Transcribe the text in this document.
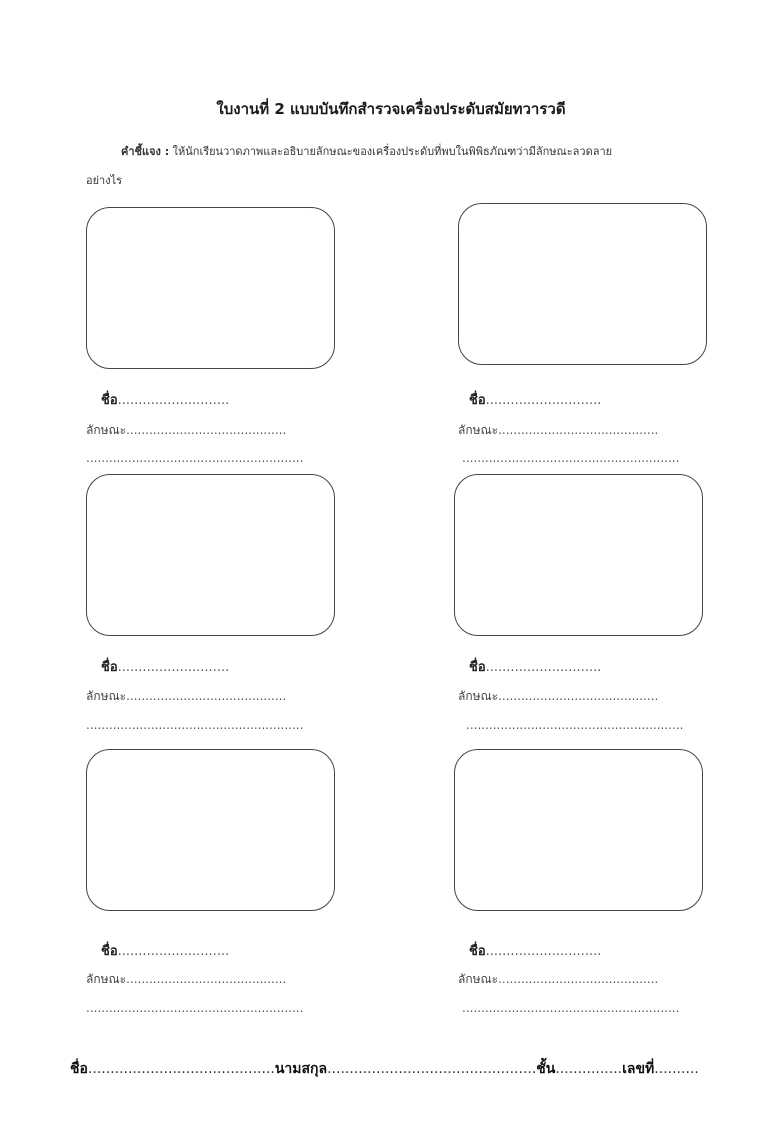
ใบงานที่ 2 แบบบันทึกสำรวจเครื่องประดับสมัยทวารวดี
คำชี้แจง : ให้นักเรียนวาดภาพและอธิบายลักษณะของเครื่องประดับที่พบในพิพิธภัณฑว่ามีลักษณะลวดลาย
อย่างไร
ชื่อ...........................
ลักษณะ..........................................
.........................................................
ชื่อ............................
ลักษณะ..........................................
.........................................................
ชื่อ...........................
ลักษณะ..........................................
.........................................................
ชื่อ............................
ลักษณะ..........................................
.........................................................
ชื่อ...........................
ลักษณะ..........................................
.........................................................
ชื่อ............................
ลักษณะ..........................................
.........................................................
ชื่อ..........................................นามสกุล...............................................ชั้น...............เลขที่..........
